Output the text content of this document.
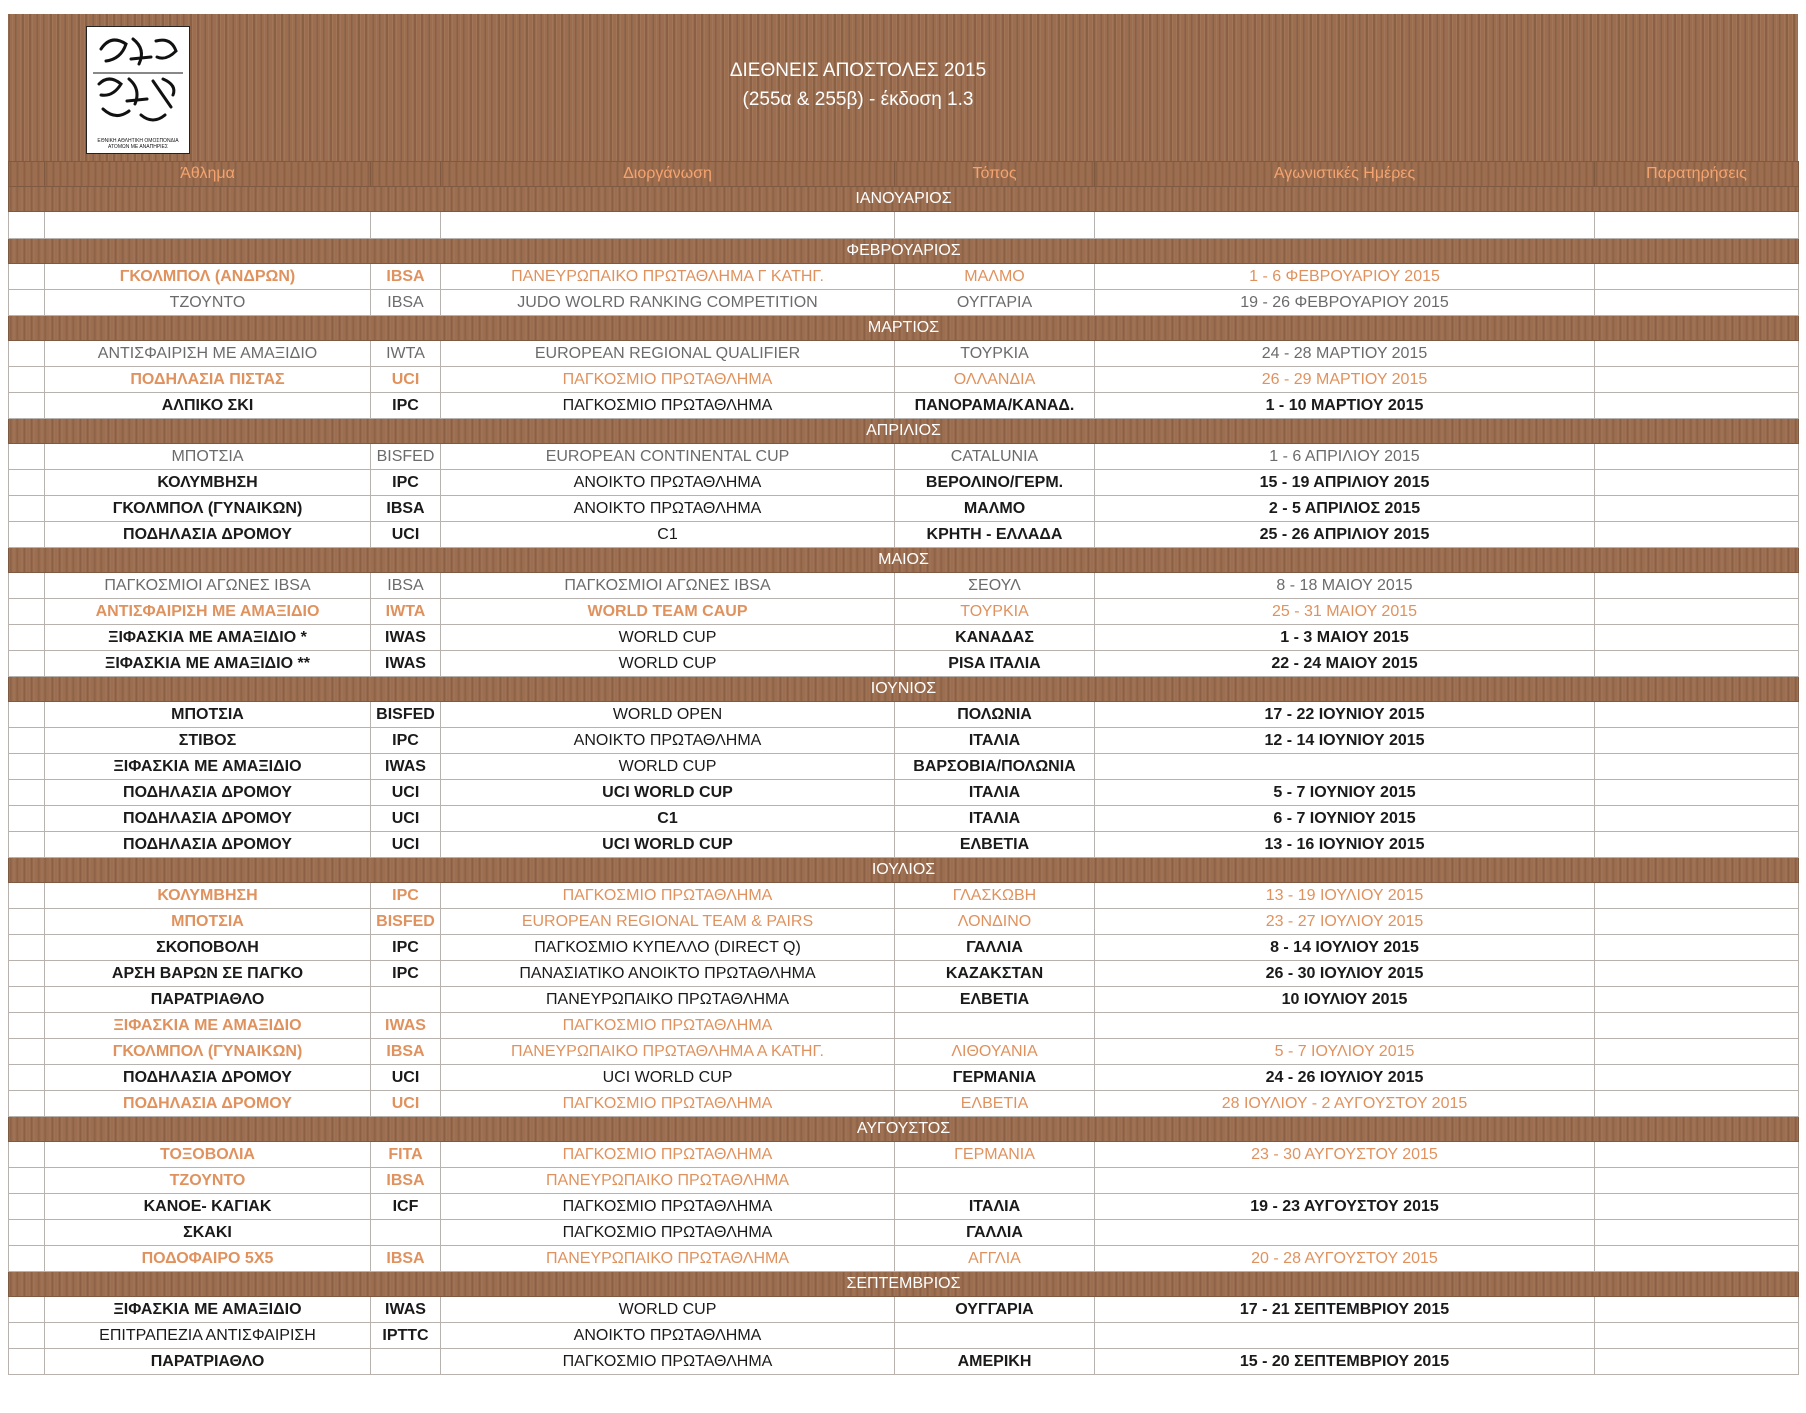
ΕΘΝΙΚΗ ΑΘΛΗΤΙΚΗ ΟΜΟΣΠΟΝΔΙΑ
ΑΤΟΜΩΝ ΜΕ ΑΝΑΠΗΡΙΕΣ
ΔΙΕΘΝΕΙΣ ΑΠΟΣΤΟΛΕΣ 2015
(255α & 255β) - έκδοση 1.3
	Άθλημα		Διοργάνωση	Τόπος	Αγωνιστικές Ημέρες	Παρατηρήσεις
ΙΑΝΟΥΑΡΙΟΣ						

ΦΕΒΡΟΥΑΡΙΟΣ						
	ΓΚΟΛΜΠΟΛ (ΑΝΔΡΩΝ)	IBSA	ΠΑΝΕΥΡΩΠΑΙΚΟ ΠΡΩΤΑΘΛΗΜΑ Γ ΚΑΤΗΓ.	ΜΑΛΜΟ	1 - 6 ΦΕΒΡΟΥΑΡΙΟΥ 2015	
	ΤΖΟΥΝΤΟ	IBSA	JUDO WOLRD RANKING COMPETITION	ΟΥΓΓΑΡΙΑ	19 - 26 ΦΕΒΡΟΥΑΡΙΟΥ 2015	
ΜΑΡΤΙΟΣ						
	ΑΝΤΙΣΦΑΙΡΙΣΗ ΜΕ ΑΜΑΞΙΔΙΟ	IWTA	EUROPEAN REGIONAL QUALIFIER	ΤΟΥΡΚΙΑ	24 - 28 ΜΑΡΤΙΟΥ 2015	
	ΠΟΔΗΛΑΣΙΑ ΠΙΣΤΑΣ	UCI	ΠΑΓΚΟΣΜΙΟ ΠΡΩΤΑΘΛΗΜΑ	ΟΛΛΑΝΔΙΑ	26 - 29 ΜΑΡΤΙΟΥ 2015	
	ΑΛΠΙΚΟ ΣΚΙ	IPC	ΠΑΓΚΟΣΜΙΟ ΠΡΩΤΑΘΛΗΜΑ	ΠΑΝΟΡΑΜΑ/ΚΑΝΑΔ.	1 - 10 ΜΑΡΤΙΟΥ 2015	
ΑΠΡΙΛΙΟΣ						
	ΜΠΟΤΣΙΑ	BISFED	EUROPEAN CONTINENTAL CUP	CATALUNIA	1 - 6 ΑΠΡΙΛΙΟΥ 2015	
	ΚΟΛΥΜΒΗΣΗ	IPC	ΑΝΟΙΚΤΟ ΠΡΩΤΑΘΛΗΜΑ	ΒΕΡΟΛΙΝΟ/ΓΕΡΜ.	15 - 19 ΑΠΡΙΛΙΟΥ 2015	
	ΓΚΟΛΜΠΟΛ (ΓΥΝΑΙΚΩΝ)	IBSA	ΑΝΟΙΚΤΟ ΠΡΩΤΑΘΛΗΜΑ	ΜΑΛΜΟ	2 - 5 ΑΠΡΙΛΙΟΣ 2015	
	ΠΟΔΗΛΑΣΙΑ ΔΡΟΜΟΥ	UCI	C1	ΚΡΗΤΗ - ΕΛΛΑΔΑ	25 - 26 ΑΠΡΙΛΙΟΥ 2015	
ΜΑΙΟΣ						
	ΠΑΓΚΟΣΜΙΟΙ ΑΓΩΝΕΣ IBSA	IBSA	ΠΑΓΚΟΣΜΙΟΙ ΑΓΩΝΕΣ IBSA	ΣΕΟΥΛ	8 - 18 ΜΑΙΟΥ 2015	
	ΑΝΤΙΣΦΑΙΡΙΣΗ ΜΕ ΑΜΑΞΙΔΙΟ	IWTA	WORLD TEAM CAUP	ΤΟΥΡΚΙΑ	25 - 31 ΜΑΙΟΥ 2015	
	ΞΙΦΑΣΚΙΑ ΜΕ ΑΜΑΞΙΔΙΟ *	IWAS	WORLD CUP	ΚΑΝΑΔΑΣ	1 - 3 ΜΑΙΟΥ 2015	
	ΞΙΦΑΣΚΙΑ ΜΕ ΑΜΑΞΙΔΙΟ **	IWAS	WORLD CUP	PISA ΙΤΑΛΙΑ	22 - 24 ΜΑΙΟΥ 2015	
ΙΟΥΝΙΟΣ						
	ΜΠΟΤΣΙΑ	BISFED	WORLD OPEN	ΠΟΛΩΝΙΑ	17 - 22 ΙΟΥΝΙΟΥ 2015	
	ΣΤΙΒΟΣ	IPC	ΑΝΟΙΚΤΟ ΠΡΩΤΑΘΛΗΜΑ	ΙΤΑΛΙΑ	12 - 14 ΙΟΥΝΙΟΥ 2015	
	ΞΙΦΑΣΚΙΑ ΜΕ ΑΜΑΞΙΔΙΟ	IWAS	WORLD CUP	ΒΑΡΣΟΒΙΑ/ΠΟΛΩΝΙΑ		
	ΠΟΔΗΛΑΣΙΑ ΔΡΟΜΟΥ	UCI	UCI WORLD CUP	ΙΤΑΛΙΑ	5 - 7 ΙΟΥΝΙΟΥ 2015	
	ΠΟΔΗΛΑΣΙΑ ΔΡΟΜΟΥ	UCI	C1	ΙΤΑΛΙΑ	6 - 7 ΙΟΥΝΙΟΥ 2015	
	ΠΟΔΗΛΑΣΙΑ ΔΡΟΜΟΥ	UCI	UCI WORLD CUP	ΕΛΒΕΤΙΑ	13 - 16 ΙΟΥΝΙΟΥ 2015	
ΙΟΥΛΙΟΣ						
	ΚΟΛΥΜΒΗΣΗ	IPC	ΠΑΓΚΟΣΜΙΟ ΠΡΩΤΑΘΛΗΜΑ	ΓΛΑΣΚΩΒΗ	13 - 19 ΙΟΥΛΙΟΥ 2015	
	ΜΠΟΤΣΙΑ	BISFED	EUROPEAN REGIONAL TEAM & PAIRS	ΛΟΝΔΙΝΟ	23 - 27 ΙΟΥΛΙΟΥ 2015	
	ΣΚΟΠΟΒΟΛΗ	IPC	ΠΑΓΚΟΣΜΙΟ ΚΥΠΕΛΛΟ (DIRECT Q)	ΓΑΛΛΙΑ	8 - 14 ΙΟΥΛΙΟΥ 2015	
	ΑΡΣΗ ΒΑΡΩΝ ΣΕ ΠΑΓΚΟ	IPC	ΠΑΝΑΣΙΑΤΙΚΟ ΑΝΟΙΚΤΟ ΠΡΩΤΑΘΛΗΜΑ	ΚΑΖΑΚΣΤΑΝ	26 - 30 ΙΟΥΛΙΟΥ 2015	
	ΠΑΡΑΤΡΙΑΘΛΟ		ΠΑΝΕΥΡΩΠΑΙΚΟ ΠΡΩΤΑΘΛΗΜΑ	ΕΛΒΕΤΙΑ	10 ΙΟΥΛΙΟΥ 2015	
	ΞΙΦΑΣΚΙΑ ΜΕ ΑΜΑΞΙΔΙΟ	IWAS	ΠΑΓΚΟΣΜΙΟ ΠΡΩΤΑΘΛΗΜΑ			
	ΓΚΟΛΜΠΟΛ (ΓΥΝΑΙΚΩΝ)	IBSA	ΠΑΝΕΥΡΩΠΑΙΚΟ ΠΡΩΤΑΘΛΗΜΑ Α ΚΑΤΗΓ.	ΛΙΘΟΥΑΝΙΑ	5 - 7 ΙΟΥΛΙΟΥ 2015	
	ΠΟΔΗΛΑΣΙΑ ΔΡΟΜΟΥ	UCI	UCI WORLD CUP	ΓΕΡΜΑΝΙΑ	24 - 26 ΙΟΥΛΙΟΥ 2015	
	ΠΟΔΗΛΑΣΙΑ ΔΡΟΜΟΥ	UCI	ΠΑΓΚΟΣΜΙΟ ΠΡΩΤΑΘΛΗΜΑ	ΕΛΒΕΤΙΑ	28 ΙΟΥΛΙΟΥ - 2 ΑΥΓΟΥΣΤΟΥ 2015	
ΑΥΓΟΥΣΤΟΣ						
	ΤΟΞΟΒΟΛΙΑ	FITA	ΠΑΓΚΟΣΜΙΟ ΠΡΩΤΑΘΛΗΜΑ	ΓΕΡΜΑΝΙΑ	23 - 30 ΑΥΓΟΥΣΤΟΥ 2015	
	ΤΖΟΥΝΤΟ	IBSA	ΠΑΝΕΥΡΩΠΑΙΚΟ ΠΡΩΤΑΘΛΗΜΑ			
	ΚΑΝΟΕ- ΚΑΓΙΑΚ	ICF	ΠΑΓΚΟΣΜΙΟ ΠΡΩΤΑΘΛΗΜΑ	ΙΤΑΛΙΑ	19 - 23 ΑΥΓΟΥΣΤΟΥ 2015	
	ΣΚΑΚΙ		ΠΑΓΚΟΣΜΙΟ ΠΡΩΤΑΘΛΗΜΑ	ΓΑΛΛΙΑ		
	ΠΟΔΟΦΑΙΡΟ 5Χ5	IBSA	ΠΑΝΕΥΡΩΠΑΙΚΟ ΠΡΩΤΑΘΛΗΜΑ	ΑΓΓΛΙΑ	20 - 28 ΑΥΓΟΥΣΤΟΥ 2015	
ΣΕΠΤΕΜΒΡΙΟΣ						
	ΞΙΦΑΣΚΙΑ ΜΕ ΑΜΑΞΙΔΙΟ	IWAS	WORLD CUP	ΟΥΓΓΑΡΙΑ	17 - 21 ΣΕΠΤΕΜΒΡΙΟΥ 2015	
	ΕΠΙΤΡΑΠΕΖΙΑ ΑΝΤΙΣΦΑΙΡΙΣΗ	IPTTC	ΑΝΟΙΚΤΟ ΠΡΩΤΑΘΛΗΜΑ			
	ΠΑΡΑΤΡΙΑΘΛΟ		ΠΑΓΚΟΣΜΙΟ ΠΡΩΤΑΘΛΗΜΑ	ΑΜΕΡΙΚΗ	15 - 20 ΣΕΠΤΕΜΒΡΙΟΥ 2015	
